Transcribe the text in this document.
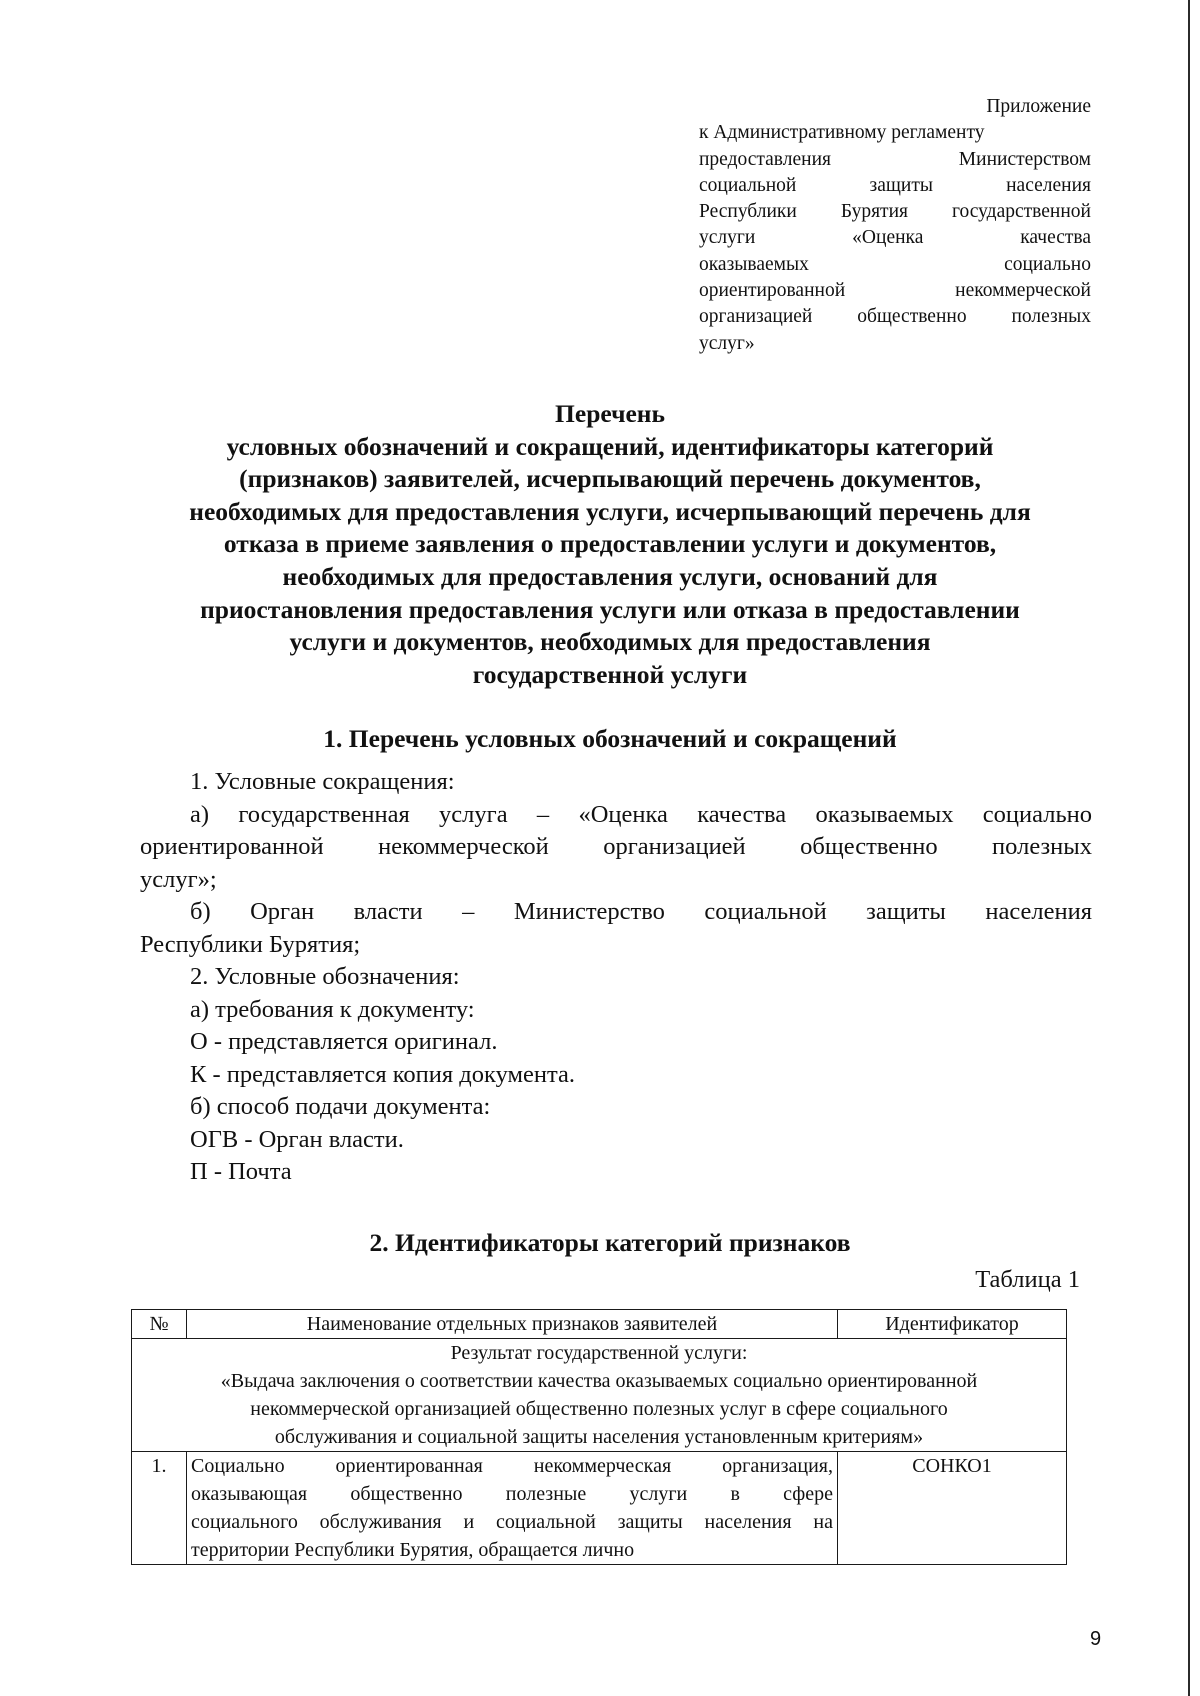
Приложение
к Административному регламенту
предоставления Министерством
социальной защиты населения
Республики Бурятия государственной
услуги «Оценка качества
оказываемых социально
ориентированной некоммерческой
организацией общественно полезных
услуг»
Перечень
условных обозначений и сокращений, идентификаторы категорий
(признаков) заявителей, исчерпывающий перечень документов,
необходимых для предоставления услуги, исчерпывающий перечень для
отказа в приеме заявления о предоставлении услуги и документов,
необходимых для предоставления услуги, оснований для
приостановления предоставления услуги или отказа в предоставлении
услуги и документов, необходимых для предоставления
государственной услуги
1. Перечень условных обозначений и сокращений
1. Условные сокращения:
а) государственная услуга – «Оценка качества оказываемых социально
ориентированной некоммерческой организацией общественно полезных
услуг»;
б) Орган власти – Министерство социальной защиты населения
Республики Бурятия;
2. Условные обозначения:
а) требования к документу:
О - представляется оригинал.
К - представляется копия документа.
б) способ подачи документа:
ОГВ - Орган власти.
П - Почта
2. Идентификаторы категорий признаков
Таблица 1
№	Наименование отдельных признаков заявителей	Идентификатор

Результат государственной услуги:
«Выдача заключения о соответствии качества оказываемых социально ориентированной
некоммерческой организацией общественно полезных услуг в сфере социального
обслуживания и социальной защиты населения установленным критериям»		

1.	Социально ориентированная некоммерческая организация,
оказывающая общественно полезные услуги в сфере
социального обслуживания и социальной защиты населения на
территории Республики Бурятия, обращается лично	СОНКО1
9
